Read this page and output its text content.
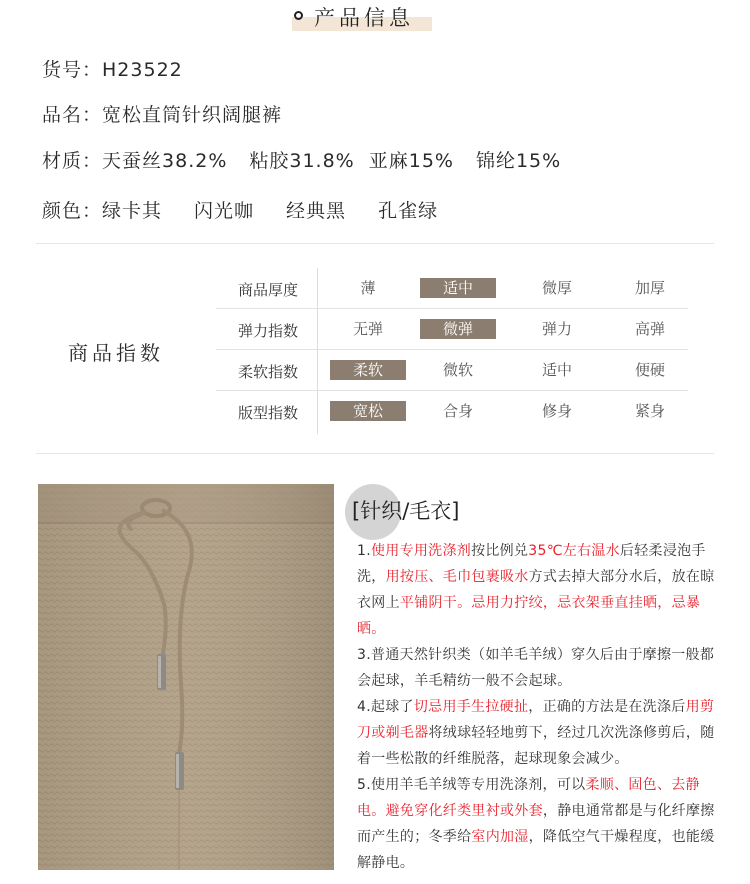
产品信息
货号：H23522
品名：宽松直筒针织阔腿裤
材质：天蚕丝38.2% 粘胶31.8% 亚麻15% 锦纶15%
颜色：绿卡其 闪光咖 经典黑 孔雀绿
商品指数
商品厚度	薄	适中	微厚	加厚
弹力指数	无弹	微弹	弹力	高弹
柔软指数	柔软	微软	适中	便硬
版型指数	宽松	合身	修身	紧身
[针织/毛衣]

1.使用专用洗涤剂按比例兑35℃左右温水后轻柔浸泡手洗，用按压、毛巾包裹吸水方式去掉大部分水后，放在晾衣网上平铺阴干。忌用力拧绞，忌衣架垂直挂晒，忌暴晒。

3.普通天然针织类（如羊毛羊绒）穿久后由于摩擦一般都会起球，羊毛精纺一般不会起球。

4.起球了切忌用手生拉硬扯，正确的方法是在洗涤后用剪刀或剃毛器将绒球轻轻地剪下，经过几次洗涤修剪后，随着一些松散的纤维脱落，起球现象会减少。

5.使用羊毛羊绒等专用洗涤剂，可以柔顺、固色、去静电。避免穿化纤类里衬或外套，静电通常都是与化纤摩擦而产生的；冬季给室内加湿，降低空气干燥程度，也能缓解静电。
